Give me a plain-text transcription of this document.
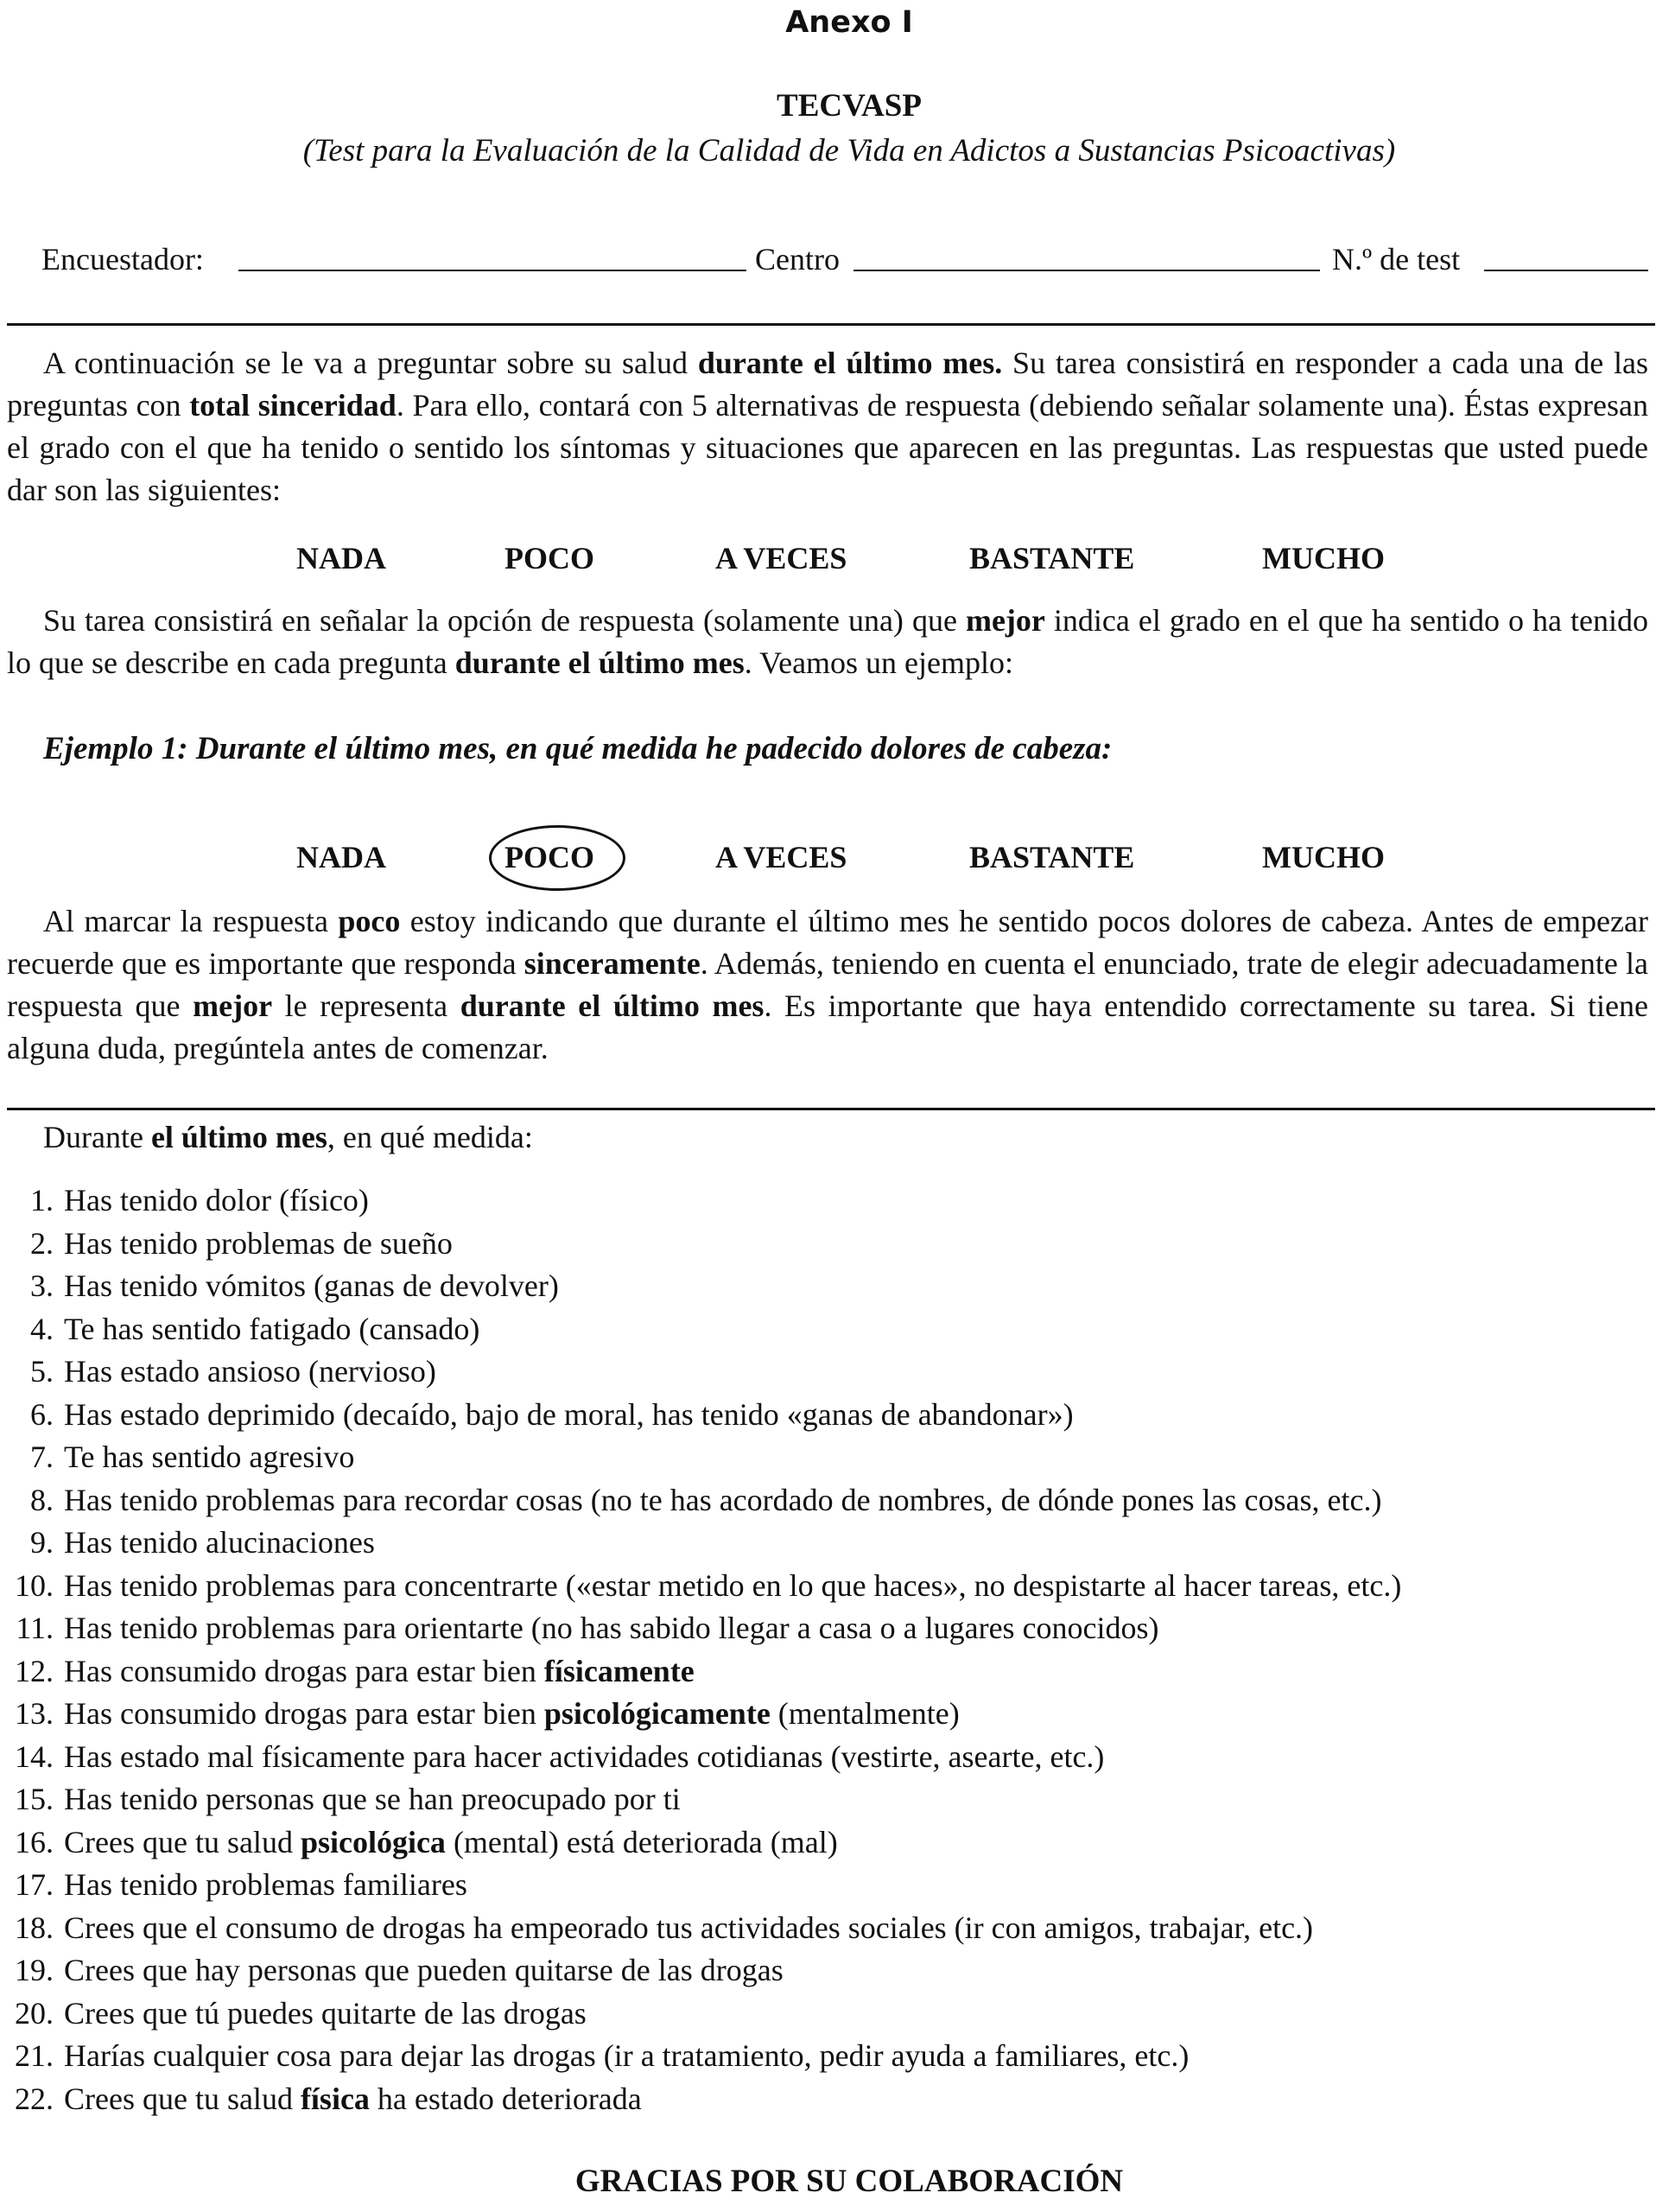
Anexo I
TECVASP
(Test para la Evaluación de la Calidad de Vida en Adictos a Sustancias Psicoactivas)
Encuestador:	Centro	N.º de test

A continuación se le va a preguntar sobre su salud durante el último mes. Su tarea consistirá en responder a cada una de las preguntas con total sinceridad. Para ello, contará con 5 alternativas de respuesta (debiendo señalar solamente una). Éstas expresan el grado con el que ha tenido o sentido los síntomas y situaciones que aparecen en las preguntas. Las respuestas que usted puede dar son las siguientes:

NADA	POCO	A VECES	BASTANTE	MUCHO

Su tarea consistirá en señalar la opción de respuesta (solamente una) que mejor indica el grado en el que ha sentido o ha tenido lo que se describe en cada pregunta durante el último mes. Veamos un ejemplo:

Ejemplo 1: Durante el último mes, en qué medida he padecido dolores de cabeza:
NADA	POCO	A VECES	BASTANTE	MUCHO

Al marcar la respuesta poco estoy indicando que durante el último mes he sentido pocos dolores de cabeza. Antes de empezar recuerde que es importante que responda sinceramente. Además, teniendo en cuenta el enunciado, trate de elegir adecuadamente la respuesta que mejor le representa durante el último mes. Es importante que haya entendido correctamente su tarea. Si tiene alguna duda, pregúntela antes de comenzar.

Durante el último mes, en qué medida:
1. Has tenido dolor (físico)
2. Has tenido problemas de sueño
3. Has tenido vómitos (ganas de devolver)
4. Te has sentido fatigado (cansado)
5. Has estado ansioso (nervioso)
6. Has estado deprimido (decaído, bajo de moral, has tenido «ganas de abandonar»)
7. Te has sentido agresivo
8. Has tenido problemas para recordar cosas (no te has acordado de nombres, de dónde pones las cosas, etc.)
9. Has tenido alucinaciones
10. Has tenido problemas para concentrarte («estar metido en lo que haces», no despistarte al hacer tareas, etc.)
11. Has tenido problemas para orientarte (no has sabido llegar a casa o a lugares conocidos)
12. Has consumido drogas para estar bien físicamente
13. Has consumido drogas para estar bien psicológicamente (mentalmente)
14. Has estado mal físicamente para hacer actividades cotidianas (vestirte, asearte, etc.)
15. Has tenido personas que se han preocupado por ti
16. Crees que tu salud psicológica (mental) está deteriorada (mal)
17. Has tenido problemas familiares
18. Crees que el consumo de drogas ha empeorado tus actividades sociales (ir con amigos, trabajar, etc.)
19. Crees que hay personas que pueden quitarse de las drogas
20. Crees que tú puedes quitarte de las drogas
21. Harías cualquier cosa para dejar las drogas (ir a tratamiento, pedir ayuda a familiares, etc.)
22. Crees que tu salud física ha estado deteriorada
GRACIAS POR SU COLABORACIÓN
